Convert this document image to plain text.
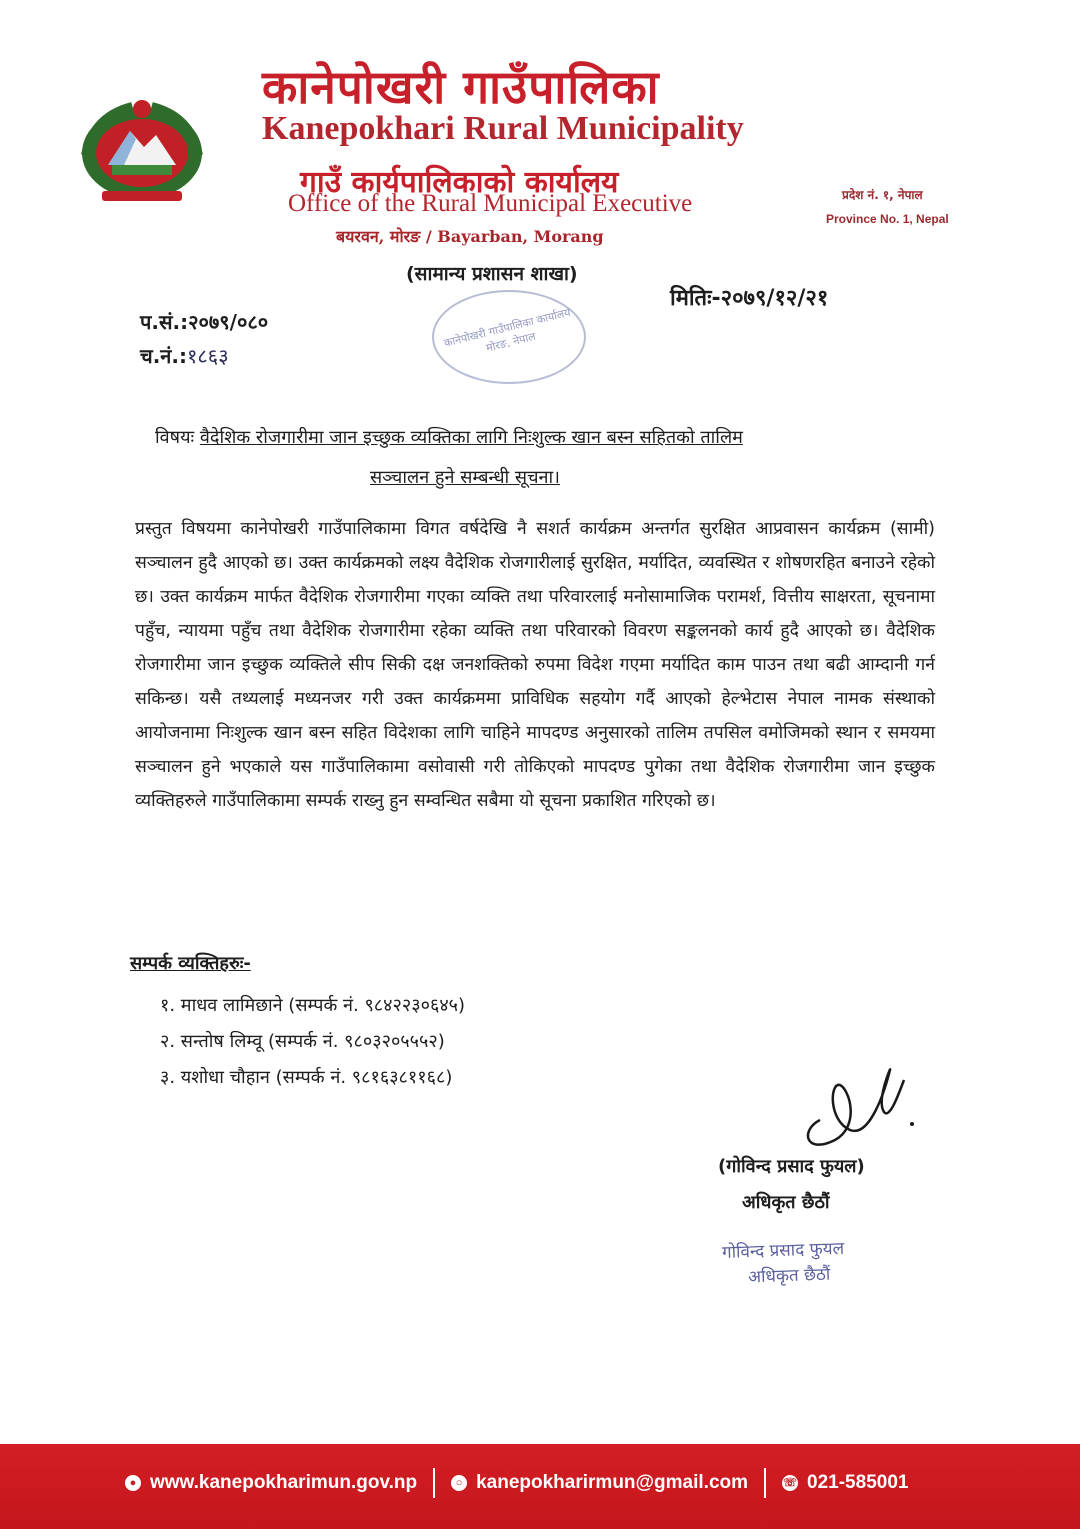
कानेपोखरी गाउँपालिका
Kanepokhari Rural Municipality
गाउँ कार्यपालिकाको कार्यालय
Office of the Rural Municipal Executive
बयरवन, मोरङ / Bayarban, Morang
(सामान्य प्रशासन शाखा)
प्रदेश नं. १, नेपाल
Province No. 1, Nepal
कानेपोखरी गाउँपालिका कार्यालय मोरङ, नेपाल
प.सं.:२०७९/०८०
च.नं.:१८६३
मितिः-२०७९/१२/२१
विषयः वैदेशिक रोजगारीमा जान इच्छुक व्यक्तिका लागि निःशुल्क खान बस्न सहितको तालिम
सञ्चालन हुने सम्बन्धी सूचना।
प्रस्तुत विषयमा कानेपोखरी गाउँपालिकामा विगत वर्षदेखि नै सशर्त कार्यक्रम अन्तर्गत सुरक्षित आप्रवासन कार्यक्रम (सामी) सञ्चालन हुदै आएको छ। उक्त कार्यक्रमको लक्ष्य वैदेशिक रोजगारीलाई सुरक्षित, मर्यादित, व्यवस्थित र शोषणरहित बनाउने रहेको छ। उक्त कार्यक्रम मार्फत वैदेशिक रोजगारीमा गएका व्यक्ति तथा परिवारलाई मनोसामाजिक परामर्श, वित्तीय साक्षरता, सूचनामा पहुँच, न्यायमा पहुँच तथा वैदेशिक रोजगारीमा रहेका व्यक्ति तथा परिवारको विवरण सङ्कलनको कार्य हुदै आएको छ। वैदेशिक रोजगारीमा जान इच्छुक व्यक्तिले सीप सिकी दक्ष जनशक्तिको रुपमा विदेश गएमा मर्यादित काम पाउन तथा बढी आम्दानी गर्न सकिन्छ। यसै तथ्यलाई मध्यनजर गरी उक्त कार्यक्रममा प्राविधिक सहयोग गर्दै आएको हेल्भेटास नेपाल नामक संस्थाको आयोजनामा निःशुल्क खान बस्न सहित विदेशका लागि चाहिने मापदण्ड अनुसारको तालिम तपसिल वमोजिमको स्थान र समयमा सञ्चालन हुने भएकाले यस गाउँपालिकामा वसोवासी गरी तोकिएको मापदण्ड पुगेका तथा वैदेशिक रोजगारीमा जान इच्छुक व्यक्तिहरुले गाउँपालिकामा सम्पर्क राख्नु हुन सम्वन्धित सबैमा यो सूचना प्रकाशित गरिएको छ।
सम्पर्क व्यक्तिहरुः-
१. माधव लामिछाने (सम्पर्क नं. ९८४२२३०६४५)
२. सन्तोष लिम्वू (सम्पर्क नं. ९८०३२०५५५२)
३. यशोधा चौहान (सम्पर्क नं. ९८१६३८११६८)
(गोविन्द प्रसाद फुयल)
अधिकृत छैठौं
गोविन्द प्रसाद फुयल
अधिकृत छैठौं
● www.kanepokharimun.gov.np	○ kanepokharirmun@gmail.com	☏ 021-585001
